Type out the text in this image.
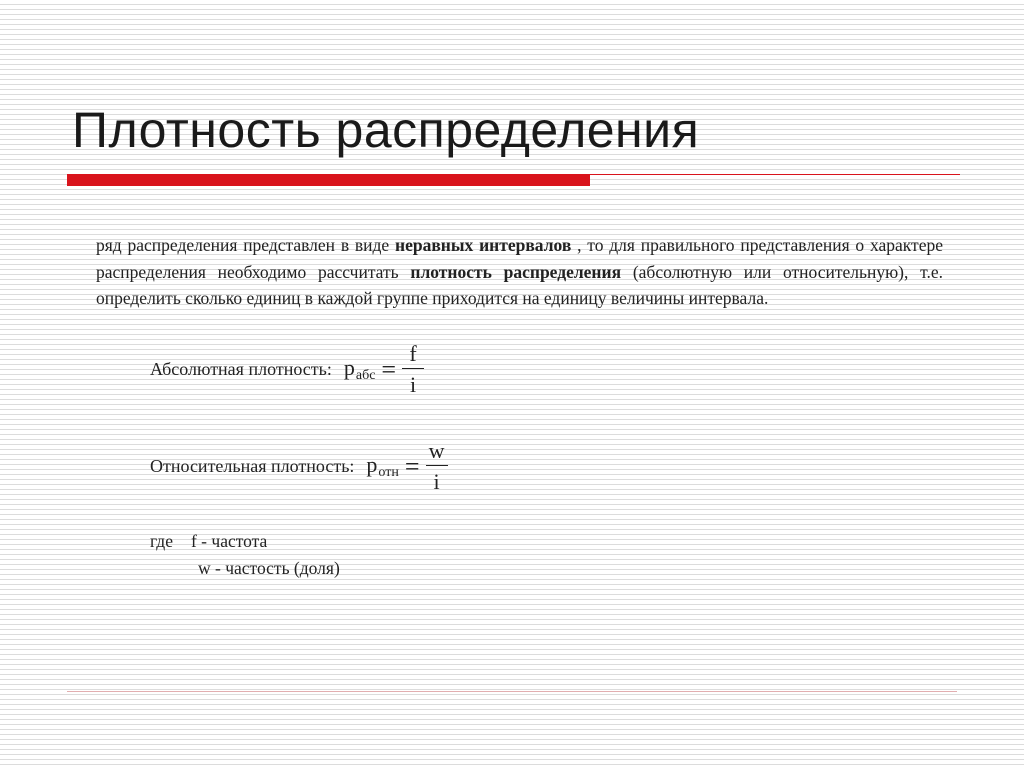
Плотность распределения

ряд распределения представлен в виде неравных интервалов , то для правильного представления о характере распределения необходимо рассчитать плотность распределения (абсолютную или относительную), т.е. определить сколько единиц в каждой группе приходится на единицу величины интервала.

Абсолютная плотность: $p_{абс} = \frac{f}{i}$
Относительная плотность: $p_{отн} = \frac{w}{i}$
где f - частота
w - частость (доля)
